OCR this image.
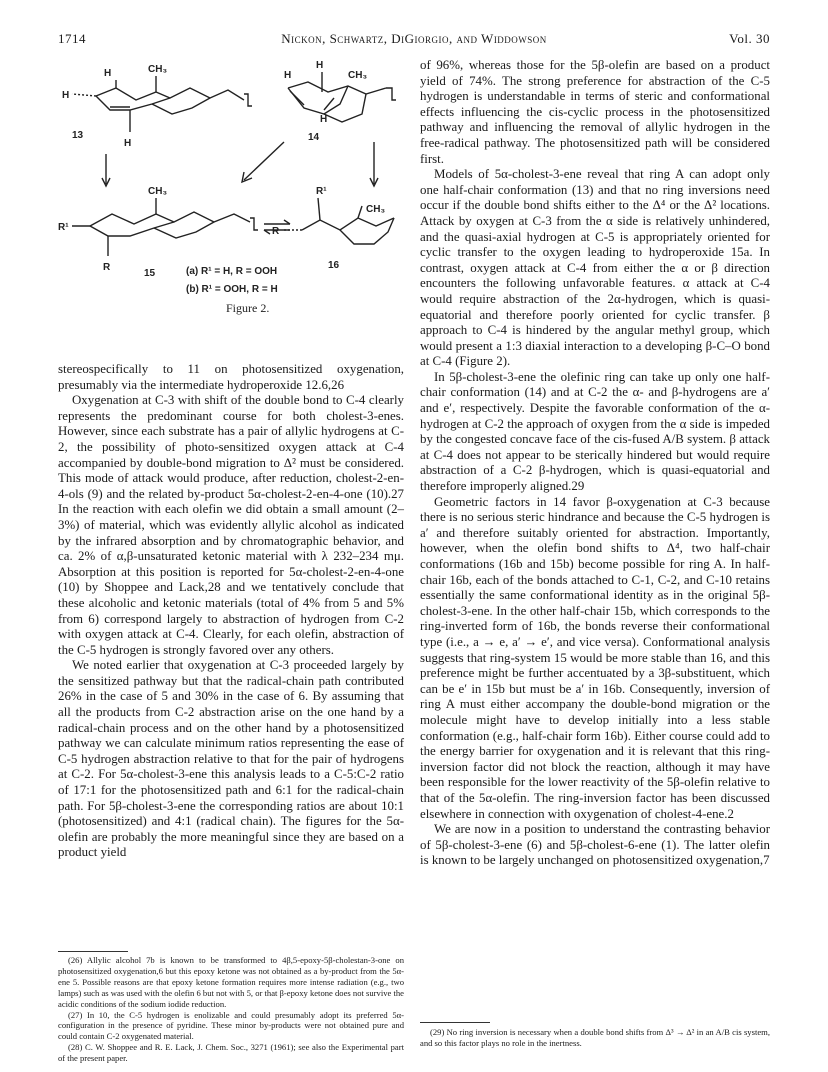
1714	Nickon, Schwartz, DiGiorgio, and Widdowson	Vol. 30
H	CH₃
H
H
13
H
H
CH₃
H
14
CH₃
R¹
R
15
R¹
CH₃
R
16
(a) R¹ = H, R = OOH
(b) R¹ = OOH, R = H
Figure 2.

stereospecifically to 11 on photosensitized oxygenation, presumably via the intermediate hydroperoxide 12.6,26

Oxygenation at C-3 with shift of the double bond to C-4 clearly represents the predominant course for both cholest-3-enes. However, since each substrate has a pair of allylic hydrogens at C-2, the possibility of photo-sensitized oxygen attack at C-4 accompanied by double-bond migration to Δ² must be considered. This mode of attack would produce, after reduction, cholest-2-en-4-ols (9) and the related by-product 5α-cholest-2-en-4-one (10).27 In the reaction with each olefin we did obtain a small amount (2–3%) of material, which was evidently allylic alcohol as indicated by the infrared absorption and by chromatographic behavior, and ca. 2% of α,β-unsaturated ketonic material with λ 232–234 mμ. Absorption at this position is reported for 5α-cholest-2-en-4-one (10) by Shoppee and Lack,28 and we tentatively conclude that these alcoholic and ketonic materials (total of 4% from 5 and 5% from 6) correspond largely to abstraction of hydrogen from C-2 with oxygen attack at C-4. Clearly, for each olefin, abstraction of the C-5 hydrogen is strongly favored over any others.

We noted earlier that oxygenation at C-3 proceeded largely by the sensitized pathway but that the radical-chain path contributed 26% in the case of 5 and 30% in the case of 6. By assuming that all the products from C-2 abstraction arise on the one hand by a radical-chain process and on the other hand by a photosensitized pathway we can calculate minimum ratios representing the ease of C-5 hydrogen abstraction relative to that for the pair of hydrogens at C-2. For 5α-cholest-3-ene this analysis leads to a C-5:C-2 ratio of 17:1 for the photosensitized path and 6:1 for the radical-chain path. For 5β-cholest-3-ene the corresponding ratios are about 10:1 (photosensitized) and 4:1 (radical chain). The figures for the 5α-olefin are probably the more meaningful since they are based on a product yield

(26) Allylic alcohol 7b is known to be transformed to 4β,5-epoxy-5β-cholestan-3-one on photosensitized oxygenation,6 but this epoxy ketone was not obtained as a by-product from the 5α-ene 5. Possible reasons are that epoxy ketone formation requires more intense radiation (e.g., two lamps) such as was used with the olefin 6 but not with 5, or that β-epoxy ketone does not survive the acidic conditions of the sodium iodide reduction.

(27) In 10, the C-5 hydrogen is enolizable and could presumably adopt its preferred 5α-configuration in the presence of pyridine. These minor by-products were not obtained pure and could contain C-2 oxygenated material.

(28) C. W. Shoppee and R. E. Lack, J. Chem. Soc., 3271 (1961); see also the Experimental part of the present paper.

of 96%, whereas those for the 5β-olefin are based on a product yield of 74%. The strong preference for abstraction of the C-5 hydrogen is understandable in terms of steric and conformational effects influencing the cis-cyclic process in the photosensitized pathway and influencing the removal of allylic hydrogen in the free-radical pathway. The photosensitized path will be considered first.

Models of 5α-cholest-3-ene reveal that ring A can adopt only one half-chair conformation (13) and that no ring inversions need occur if the double bond shifts either to the Δ⁴ or the Δ² locations. Attack by oxygen at C-3 from the α side is relatively unhindered, and the quasi-axial hydrogen at C-5 is appropriately oriented for cyclic transfer to the oxygen leading to hydroperoxide 15a. In contrast, oxygen attack at C-4 from either the α or β direction encounters the following unfavorable features. α attack at C-4 would require abstraction of the 2α-hydrogen, which is quasi-equatorial and therefore poorly oriented for cyclic transfer. β approach to C-4 is hindered by the angular methyl group, which would present a 1:3 diaxial interaction to a developing β-C–O bond at C-4 (Figure 2).

In 5β-cholest-3-ene the olefinic ring can take up only one half-chair conformation (14) and at C-2 the α- and β-hydrogens are a′ and e′, respectively. Despite the favorable conformation of the α-hydrogen at C-2 the approach of oxygen from the α side is impeded by the congested concave face of the cis-fused A/B system. β attack at C-4 does not appear to be sterically hindered but would require abstraction of a C-2 β-hydrogen, which is quasi-equatorial and therefore improperly aligned.29

Geometric factors in 14 favor β-oxygenation at C-3 because there is no serious steric hindrance and because the C-5 hydrogen is a′ and therefore suitably oriented for abstraction. Importantly, however, when the olefin bond shifts to Δ⁴, two half-chair conformations (16b and 15b) become possible for ring A. In half-chair 16b, each of the bonds attached to C-1, C-2, and C-10 retains essentially the same conformational identity as in the original 5β-cholest-3-ene. In the other half-chair 15b, which corresponds to the ring-inverted form of 16b, the bonds reverse their conformational type (i.e., a → e, a′ → e′, and vice versa). Conformational analysis suggests that ring-system 15 would be more stable than 16, and this preference might be further accentuated by a 3β-substituent, which can be e′ in 15b but must be a′ in 16b. Consequently, inversion of ring A must either accompany the double-bond migration or the molecule might have to develop initially into a less stable conformation (e.g., half-chair form 16b). Either course could add to the energy barrier for oxygenation and it is relevant that this ring-inversion factor did not block the reaction, although it may have been responsible for the lower reactivity of the 5β-olefin relative to that of the 5α-olefin. The ring-inversion factor has been discussed elsewhere in connection with oxygenation of cholest-4-ene.2

We are now in a position to understand the contrasting behavior of 5β-cholest-3-ene (6) and 5β-cholest-6-ene (1). The latter olefin is known to be largely unchanged on photosensitized oxygenation,7

(29) No ring inversion is necessary when a double bond shifts from Δ³ → Δ² in an A/B cis system, and so this factor plays no role in the inertness.
